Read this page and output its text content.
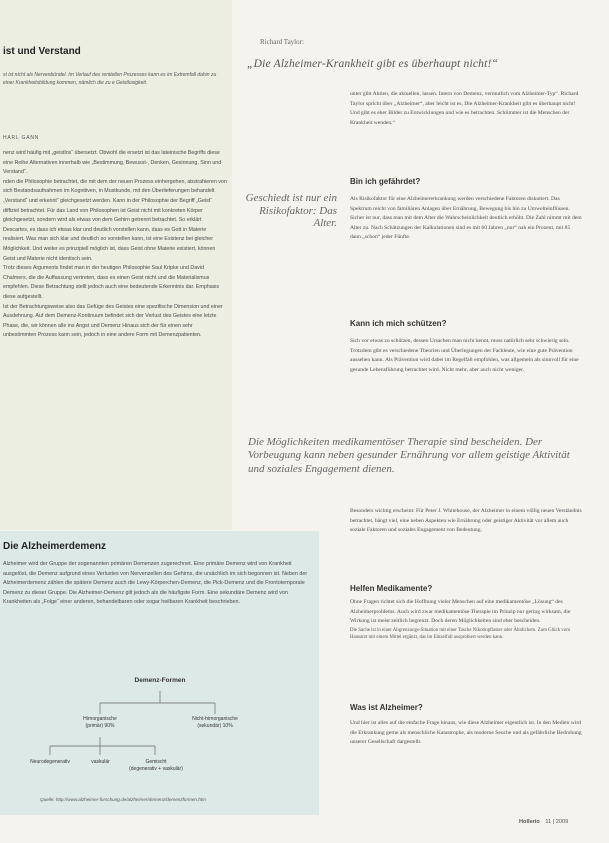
ist und Verstand
st ist nicht als Nervenbündel. Im Verlauf des rentiellen Prozesses kann es im Extremfall dahin zu einer Krankheitsbildung kommen, nämlich die zu e Geistlosigkeit.
HARL GANN

nenz wird häufig mit „geistlos“ übersetzt. Obwohl die ersetzt ist das lateinische Begriffs diese eine Reihe Alternativen innerhalb wie „Bestimmung, Bewusst-, Denken, Gesinnung, Sinn und Verstand“.

nden die Philosophie betrachtet, die mit dem der neuen Prozess einhergehen, abstrahieren von sich Bestandsaufnahmen im Kognitiven, in Mustkunde, mit den Überlieferungen behandelt „Verstand“ und erkennt“ gleichgesetzt werden. Kann in der Philosophie der Begriff „Geist“ diffiziel betrachtet. Für das Land von Philosophen ist Geist nicht mit konkreten Körper gleichgesetzt, sondern wird als etwas von dem Gehirn getrennt betrachtet. So erklärt Descartes, es dass ich etwas klar und deutlich vorstellen kann, dass es Gott in Materie realisiert. Was man sich klar und deutlich so vorstellen kann, ist eine Existenz bei gleicher Möglichkeit. Und weiter es prinzipiell möglich ist, dass Geist ohne Materie existiert, können Geist und Materie nicht identisch sein.

Trotz dieses Arguments findet man in der heutigen Philosophie Saul Kripke und David Chalmers, die die Auffassung vertreten, dass es einen Geist nicht und die Materialismus empfehlen. Diese Betrachtung stellt jedoch auch eine bedeutende Erkenntnis dar. Emphasis diese aufgestellt.

Ist der Betrachtungsweise also das Gefüge des Geistes eine spezifische Dimension und einer Ausdehnung. Auf dem Demenz-Kontinuum befindet sich der Verlust des Geistes eine letzte Phase, die, wir können alle ins Angst und Demenz Hinaus sich der für einen sehr unbestimmten Prozess kann sein, jedoch in eine andere Form mit Demenzpatienten.

Die Alzheimerdemenz
Alzheimer wird der Gruppe der sogenannten primären Demenzen zugerechnet. Eine primäre Demenz wird von Krankheit ausgelöst, die Demenz aufgrund eines Verlustes von Nervenzellen des Gehirns, die ursächlich im sich begonnen ist. Neben der Alzheimerdemenz zählen die spätere Demenz auch die Lewy-Körperchen-Demenz, die Pick-Demenz und die Frontotemporale Demenz zu dieser Gruppe. Die Alzheimer-Demenz gilt jedoch als die häufigste Form. Eine sekundäre Demenz wird von Krankheiten als „Folge“ einer anderen, behandelbaren oder sogar heilbaren Krankheit beschrieben.
Demenz-Formen
Hirnorganische
(primär) 90%
Nicht-hirnorganische
(sekundär) 10%
Neurodegenerativ	vaskulär	Gemischt
(degenerativ + vaskulär)
Quelle: http://www.alzheimer-forschung.de/alzheimer/demenz/demenzformen.htm
Richard Taylor:
„Die Alzheimer-Krankheit gibt es überhaupt nicht!“
unter gibt Aktien, die aktuellen, lassen. Intern von Demenz, vermutlich vom Alzheimer-Typ“. Richard Taylor spricht über „Alzheimer“, aber leicht ist es, Die Alzheimer-Krankheit gibt es überhaupt nicht! Und gibt es eher Bilder zu Entwicklungen und wie es betrachten. Schlimmer ist die Menschen der Krankheit wenden.“
Geschiedt ist nur ein Risikofaktor: Das Alter.
Bin ich gefährdet?
Als Risikofaktor für eine Alzheimererkrankung werden verschiedene Faktoren diskutiert. Das Spektrum reicht von familiären Anlagen über Ernährung, Bewegung bis hin zu Umwelteinflüssen. Sicher ist nur, dass man mit dem Alter die Wahrscheinlichkeit deutlich erhöht. Die Zahl nimmt mit dem Alter zu. Nach Schätzungen der Kalkulationen sind es mit 60 Jahren „nur“ nah ein Prozent, mit 85 dann „schon“ jeder Fünfte.
Kann ich mich schützen?
Sich vor etwas zu schützen, dessen Ursachen man nicht kennt, muss natürlich sehr schwierig sein. Trotzdem gibt es verschiedene Theorien und Überlegungen der Fachleute, wie eine gute Prävention aussehen kann. Als Prävention wird dabei im Regelfall empfohlen, was allgemein als sinnvoll für eine gesunde Lebensführung betrachtet wird. Nicht mehr, aber auch nicht weniger.
Die Möglichkeiten medikamentöser Therapie sind bescheiden. Der Vorbeugung kann neben gesunder Ernährung vor allem geistige Aktivität und soziales Engagement dienen.
Besonders wichtig erscheint: Für Peter J. Whitehouse, der Alzheimer in einem völlig neuen Verständnis betrachtet, hängt viel, eine neben Aspekten wie Ernährung oder geistiger Aktivität vor allem auch soziale Faktoren und soziales Engagement von Bedeutung.
Helfen Medikamente?
Ohne Fragen richtet sich die Hoffnung vieler Menschen auf eine medikamentöse „Lösung“ des Alzheimerproblems. Auch wird zwar medikamentöse Therapie im Prinzip nur gering wirksam, die Wirkung ist meist zeitlich begrenzt. Doch deren Möglichkeiten sind eher bescheiden.
Die Sache ist in einer Abgrenzungs-Situation mit einer Tasche Nikotinpflaster oder Ähnlichem. Zum Glück vom Hausarzt mit einem Mittel ergänzt, das im Einzelfall ausprobiert werden kann.
Was ist Alzheimer?
Und hier ist alles auf die einfache Frage hinaus, wie diese Alzheimer eigentlich ist. In den Medien wird die Erkrankung gerne als menschliche Katastrophe, als moderne Seuche und als gefährliche Bedrohung unserer Gesellschaft dargestellt.
Hollerio 11 | 2009
